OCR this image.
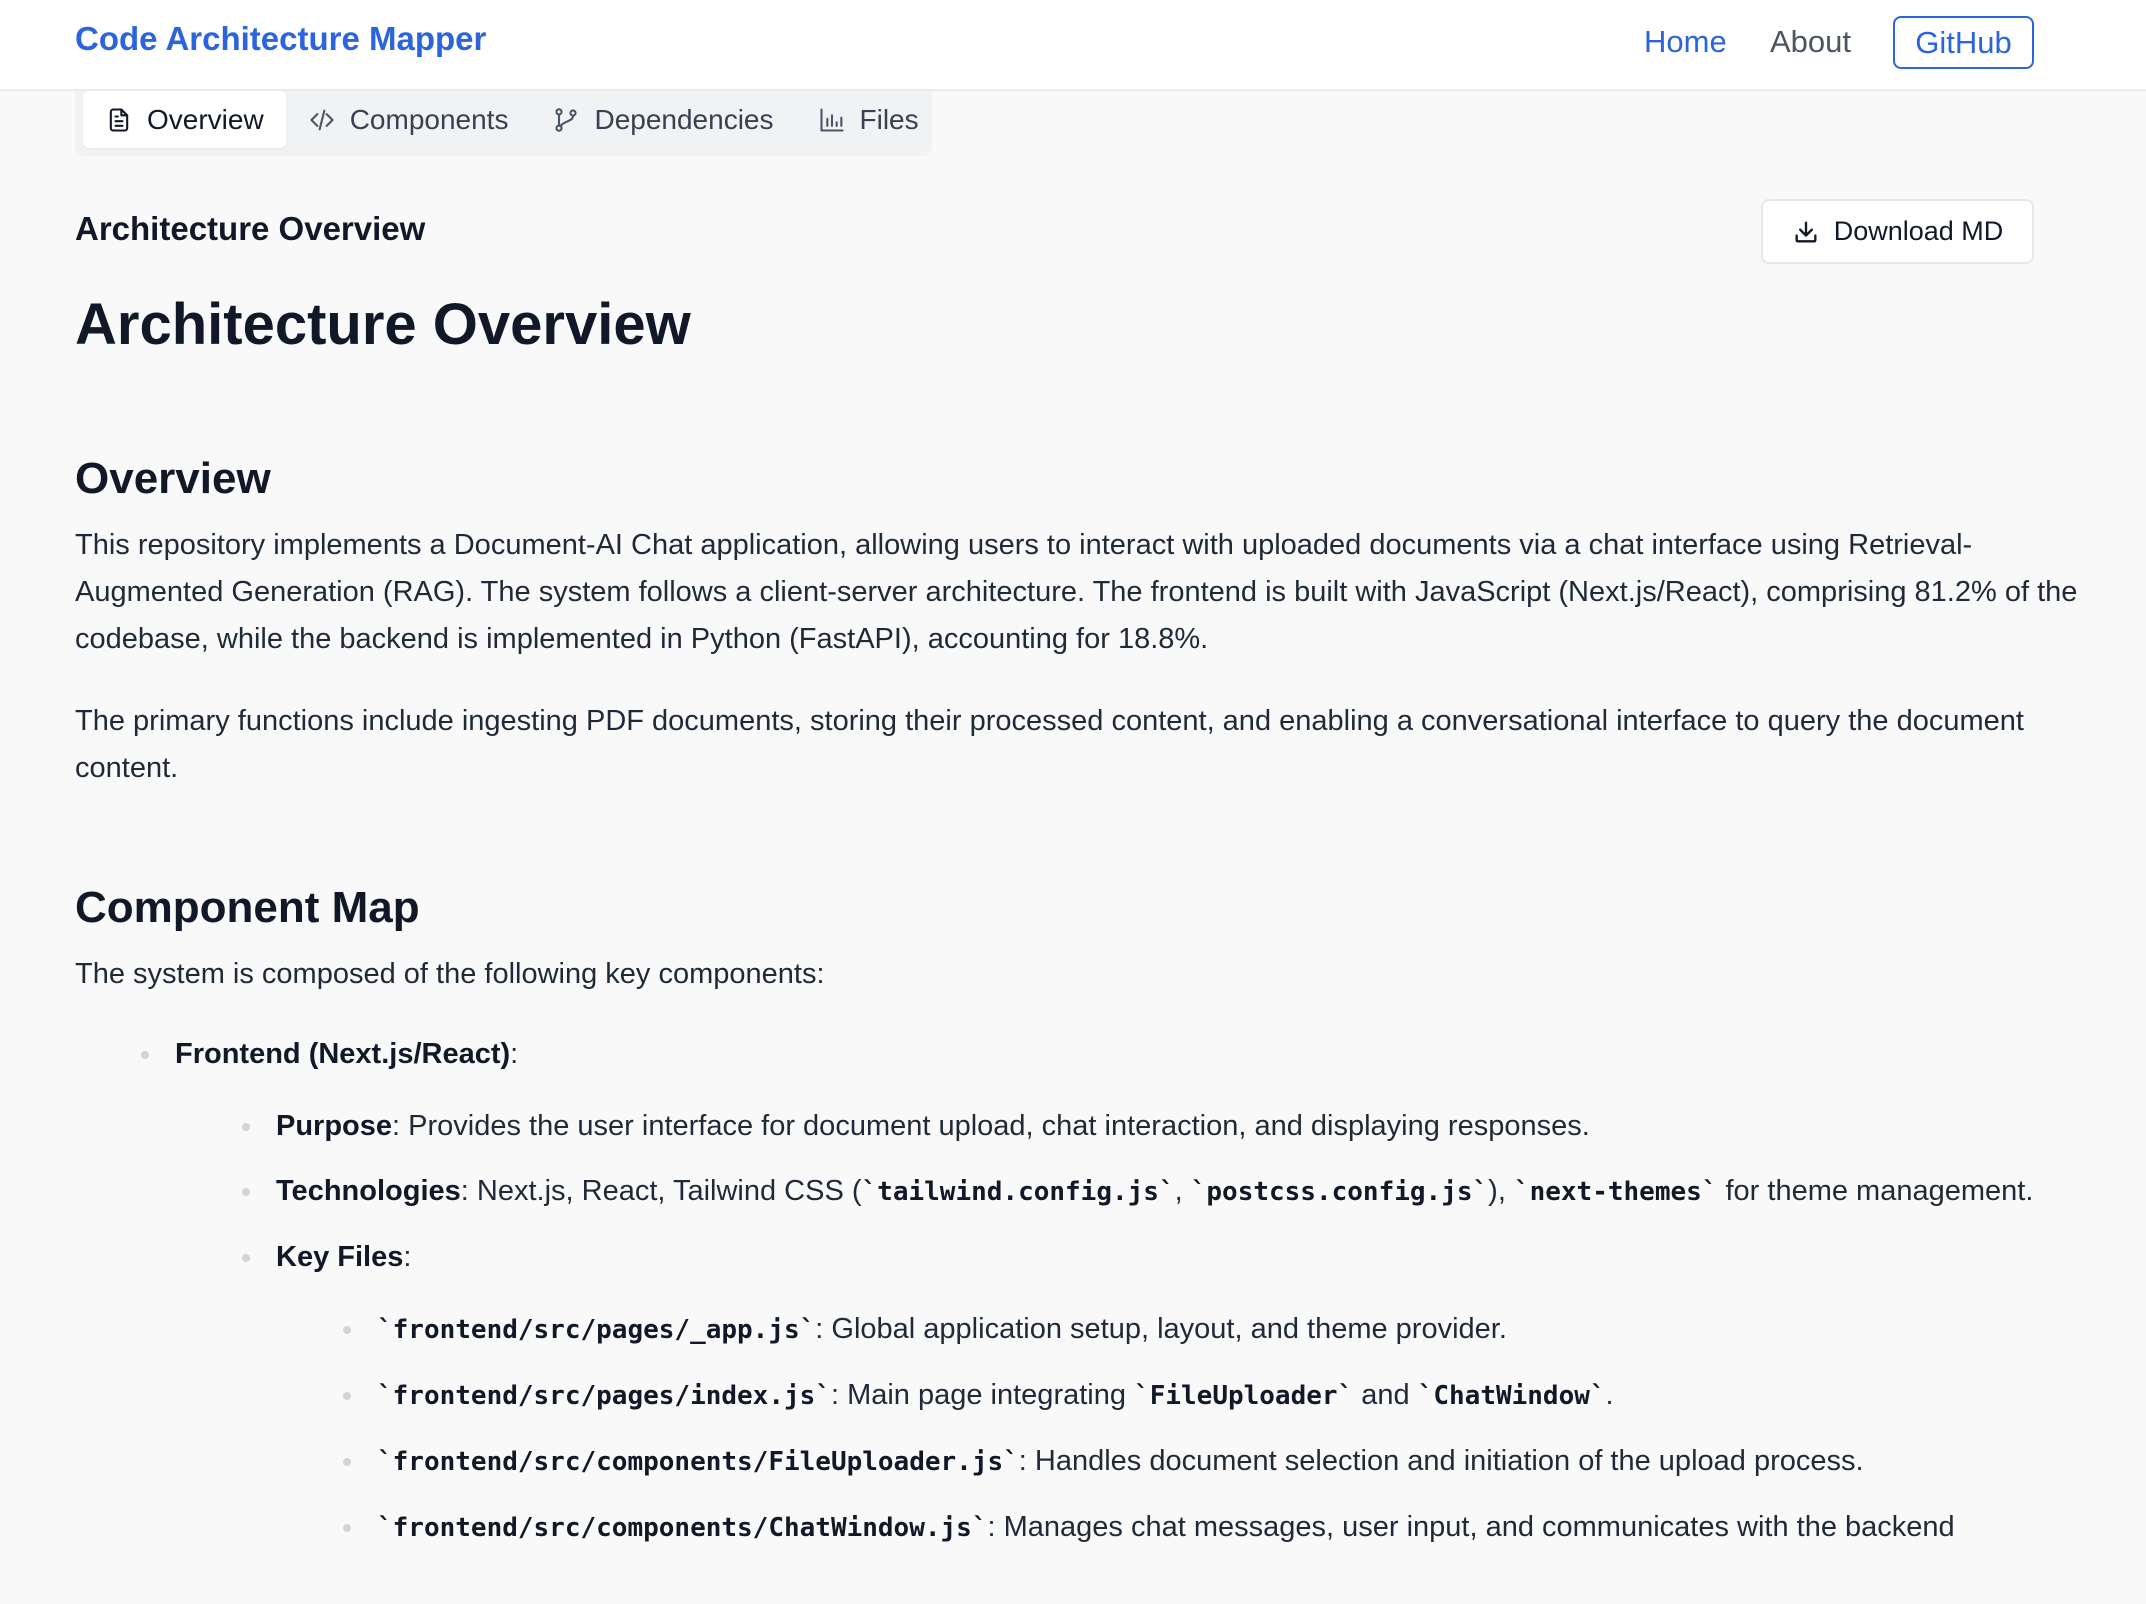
Code Architecture Mapper	Home About	GitHub
Overview	Components	Dependencies	Files
Architecture Overview	Download MD
Architecture Overview
Overview

This repository implements a Document-AI Chat application, allowing users to interact with uploaded documents via a chat interface using Retrieval-Augmented Generation (RAG). The system follows a client-server architecture. The frontend is built with JavaScript (Next.js/React), comprising 81.2% of the codebase, while the backend is implemented in Python (FastAPI), accounting for 18.8%.

The primary functions include ingesting PDF documents, storing their processed content, and enabling a conversational interface to query the document content.

Component Map

The system is composed of the following key components:

Frontend (Next.js/React):
Purpose: Provides the user interface for document upload, chat interaction, and displaying responses.
Technologies: Next.js, React, Tailwind CSS (`tailwind.config.js`, `postcss.config.js`), `next-themes` for theme management.
Key Files:
`frontend/src/pages/_app.js`: Global application setup, layout, and theme provider.
`frontend/src/pages/index.js`: Main page integrating `FileUploader` and `ChatWindow`.
`frontend/src/components/FileUploader.js`: Handles document selection and initiation of the upload process.
`frontend/src/components/ChatWindow.js`: Manages chat messages, user input, and communicates with the backend
